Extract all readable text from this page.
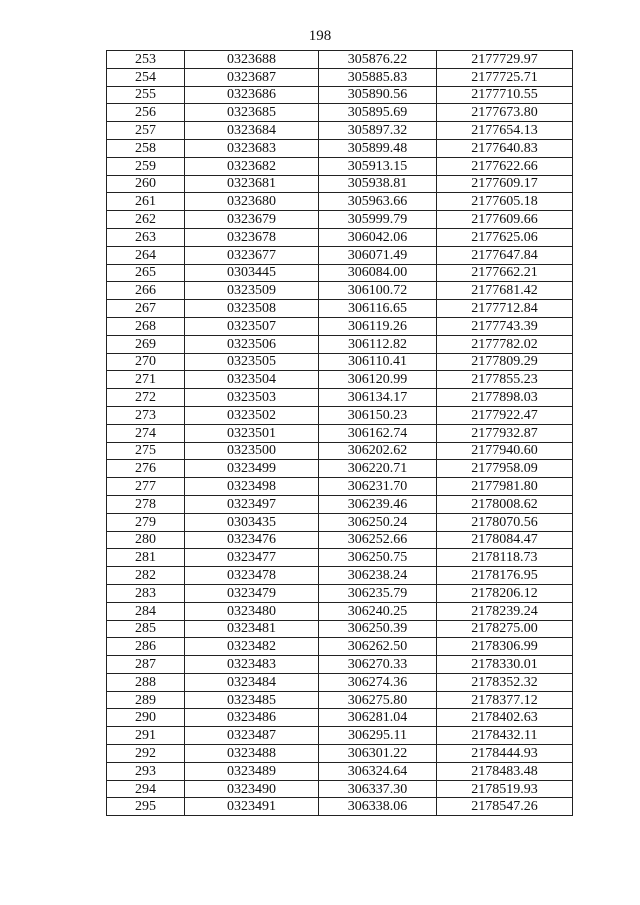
198
253	0323688	305876.22	2177729.97
254	0323687	305885.83	2177725.71
255	0323686	305890.56	2177710.55
256	0323685	305895.69	2177673.80
257	0323684	305897.32	2177654.13
258	0323683	305899.48	2177640.83
259	0323682	305913.15	2177622.66
260	0323681	305938.81	2177609.17
261	0323680	305963.66	2177605.18
262	0323679	305999.79	2177609.66
263	0323678	306042.06	2177625.06
264	0323677	306071.49	2177647.84
265	0303445	306084.00	2177662.21
266	0323509	306100.72	2177681.42
267	0323508	306116.65	2177712.84
268	0323507	306119.26	2177743.39
269	0323506	306112.82	2177782.02
270	0323505	306110.41	2177809.29
271	0323504	306120.99	2177855.23
272	0323503	306134.17	2177898.03
273	0323502	306150.23	2177922.47
274	0323501	306162.74	2177932.87
275	0323500	306202.62	2177940.60
276	0323499	306220.71	2177958.09
277	0323498	306231.70	2177981.80
278	0323497	306239.46	2178008.62
279	0303435	306250.24	2178070.56
280	0323476	306252.66	2178084.47
281	0323477	306250.75	2178118.73
282	0323478	306238.24	2178176.95
283	0323479	306235.79	2178206.12
284	0323480	306240.25	2178239.24
285	0323481	306250.39	2178275.00
286	0323482	306262.50	2178306.99
287	0323483	306270.33	2178330.01
288	0323484	306274.36	2178352.32
289	0323485	306275.80	2178377.12
290	0323486	306281.04	2178402.63
291	0323487	306295.11	2178432.11
292	0323488	306301.22	2178444.93
293	0323489	306324.64	2178483.48
294	0323490	306337.30	2178519.93
295	0323491	306338.06	2178547.26
